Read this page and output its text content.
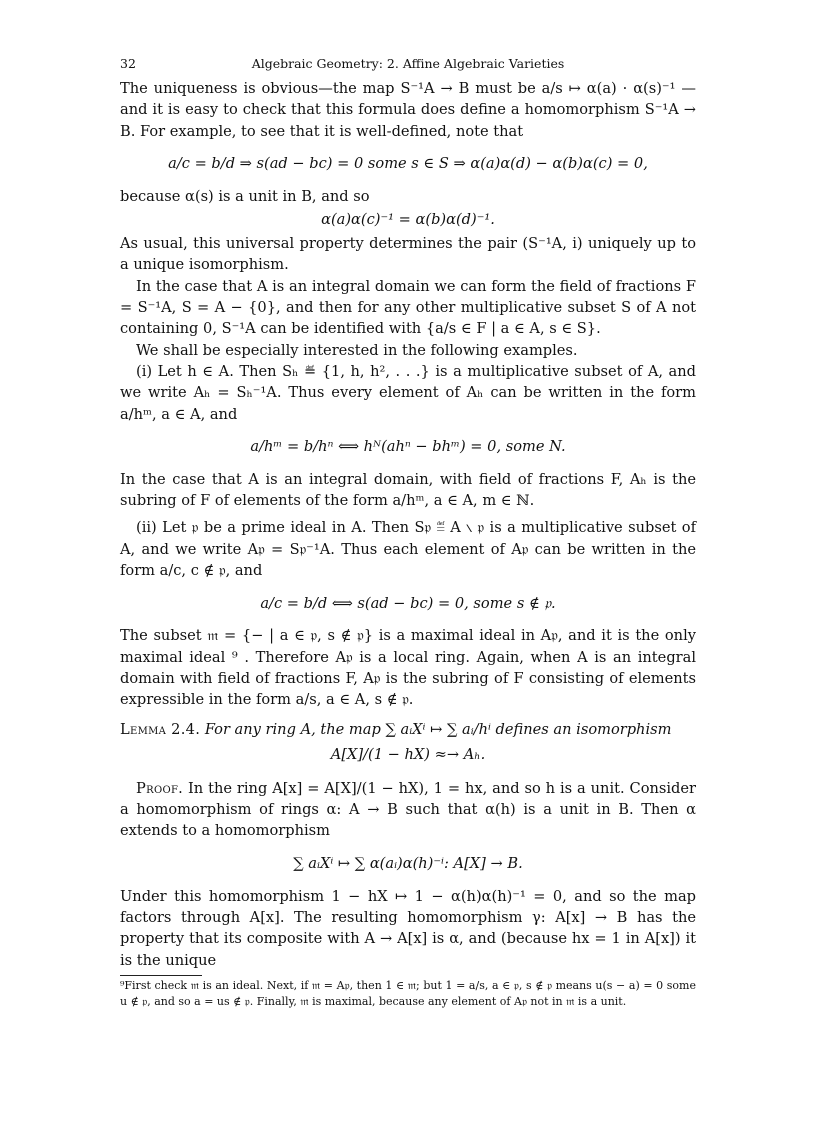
32	Algebraic Geometry: 2. Affine Algebraic Varieties

The uniqueness is obvious—the map S⁻¹A → B must be a/s ↦ α(a) · α(s)⁻¹ — and it is easy to check that this formula does define a homomorphism S⁻¹A → B. For example, to see that it is well-defined, note that

a/c = b/d ⇒ s(ad − bc) = 0 some s ∈ S ⇒ α(a)α(d) − α(b)α(c) = 0,

because α(s) is a unit in B, and so

α(a)α(c)⁻¹ = α(b)α(d)⁻¹.

As usual, this universal property determines the pair (S⁻¹A, i) uniquely up to a unique isomorphism.

In the case that A is an integral domain we can form the field of fractions F = S⁻¹A, S = A − {0}, and then for any other multiplicative subset S of A not containing 0, S⁻¹A can be identified with {a/s ∈ F | a ∈ A, s ∈ S}.

We shall be especially interested in the following examples.

(i) Let h ∈ A. Then Sₕ ≝ {1, h, h², . . .} is a multiplicative subset of A, and we write Aₕ = Sₕ⁻¹A. Thus every element of Aₕ can be written in the form a/hᵐ, a ∈ A, and

a/hᵐ = b/hⁿ ⟺ hᴺ(ahⁿ − bhᵐ) = 0, some N.

In the case that A is an integral domain, with field of fractions F, Aₕ is the subring of F of elements of the form a/hᵐ, a ∈ A, m ∈ ℕ.

(ii) Let 𝔭 be a prime ideal in A. Then S𝔭 ≝ A ∖ 𝔭 is a multiplicative subset of A, and we write A𝔭 = S𝔭⁻¹A. Thus each element of A𝔭 can be written in the form a/c, c ∉ 𝔭, and

a/c = b/d ⟺ s(ad − bc) = 0, some s ∉ 𝔭.

The subset 𝔪 = {− | a ∈ 𝔭, s ∉ 𝔭} is a maximal ideal in A𝔭, and it is the only maximal ideal ⁹ . Therefore A𝔭 is a local ring. Again, when A is an integral domain with field of fractions F, A𝔭 is the subring of F consisting of elements expressible in the form a/s, a ∈ A, s ∉ 𝔭.

Lemma 2.4. For any ring A, the map ∑ aᵢXⁱ ↦ ∑ aᵢ/hⁱ defines an isomorphism

A[X]/(1 − hX) ≈→ Aₕ.

Proof. In the ring A[x] = A[X]/(1 − hX), 1 = hx, and so h is a unit. Consider a homomorphism of rings α: A → B such that α(h) is a unit in B. Then α extends to a homomorphism

∑ aᵢXⁱ ↦ ∑ α(aᵢ)α(h)⁻ⁱ: A[X] → B.

Under this homomorphism 1 − hX ↦ 1 − α(h)α(h)⁻¹ = 0, and so the map factors through A[x]. The resulting homomorphism γ: A[x] → B has the property that its composite with A → A[x] is α, and (because hx = 1 in A[x]) it is the unique

⁹First check 𝔪 is an ideal. Next, if 𝔪 = A𝔭, then 1 ∈ 𝔪; but 1 = a/s, a ∈ 𝔭, s ∉ 𝔭 means u(s − a) = 0 some u ∉ 𝔭, and so a = us ∉ 𝔭. Finally, 𝔪 is maximal, because any element of A𝔭 not in 𝔪 is a unit.
